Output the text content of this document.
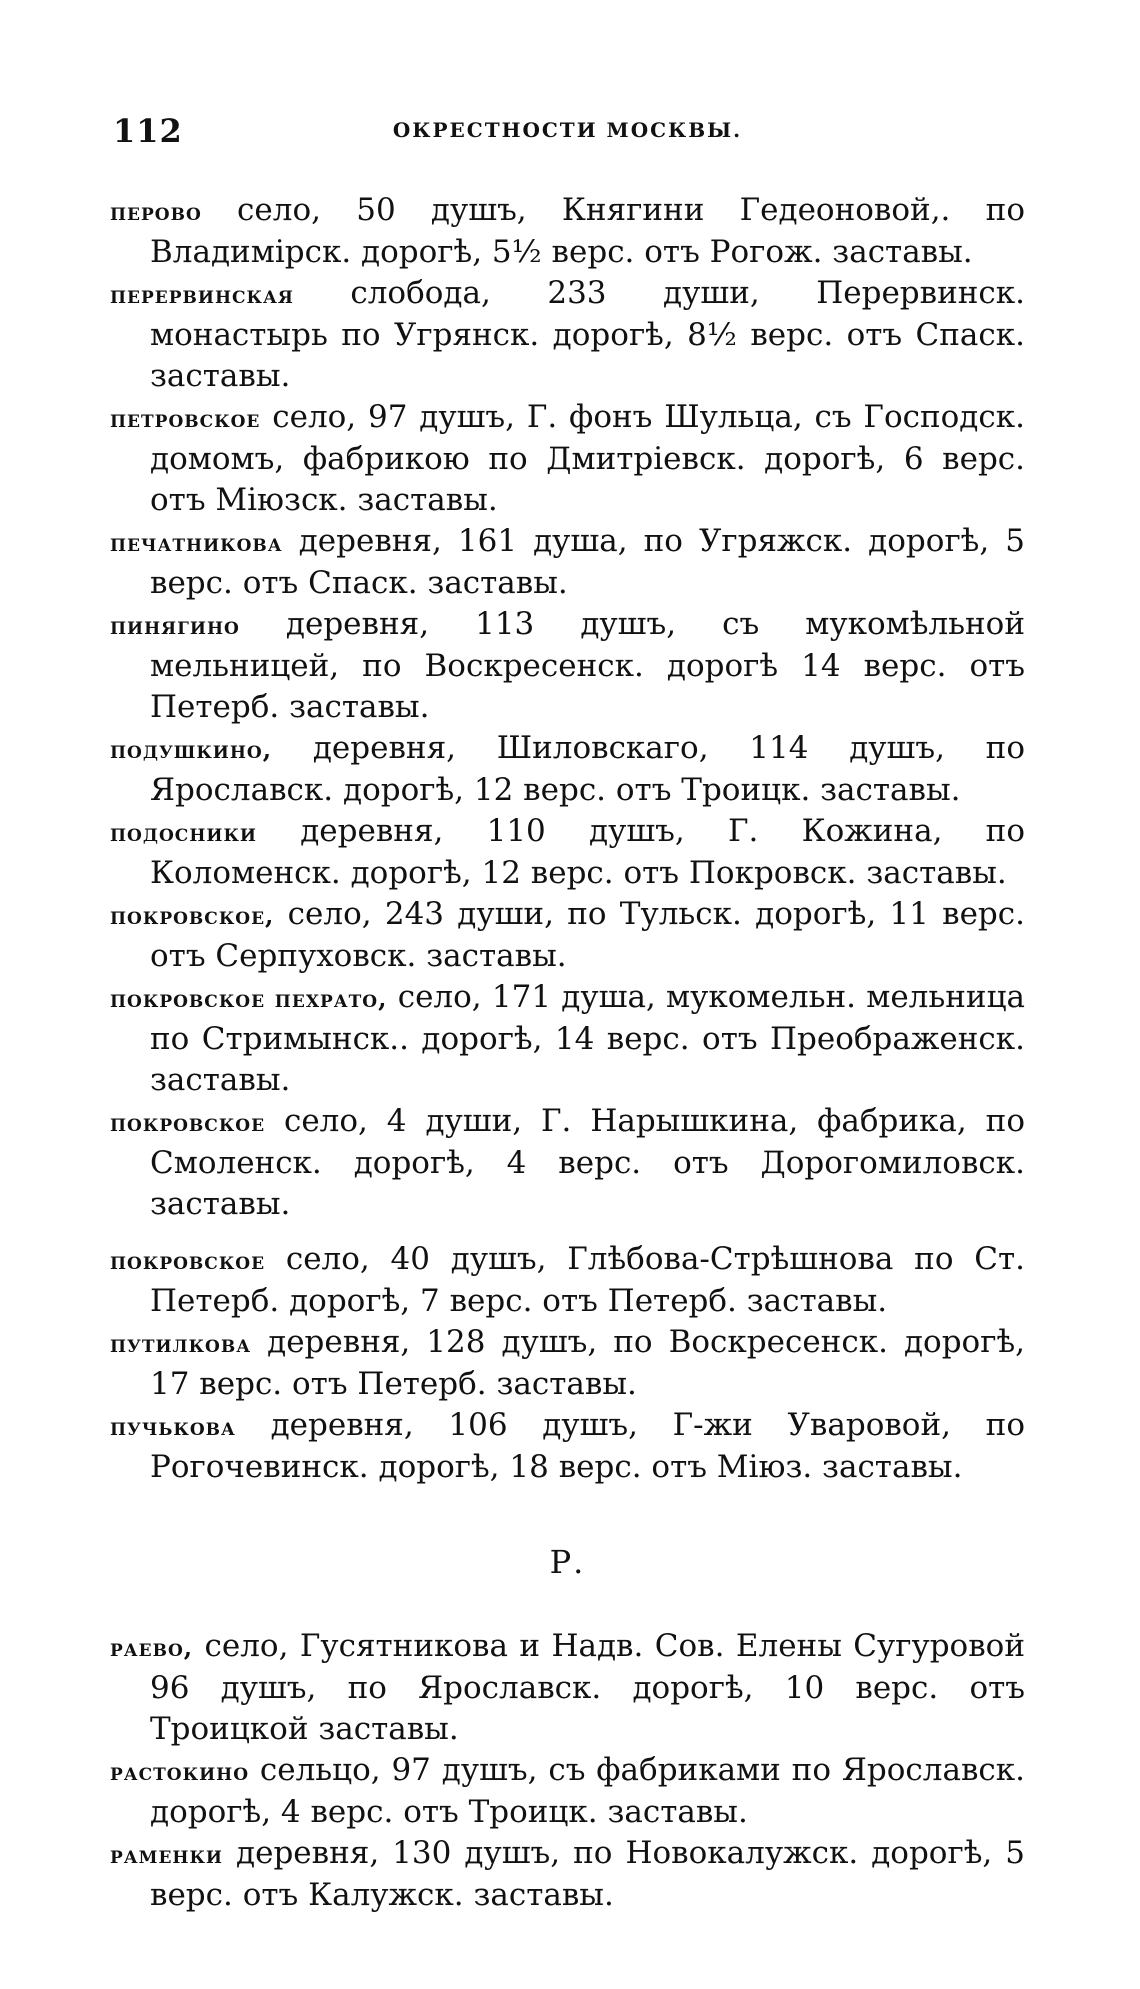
112	ОКРЕСТНОСТИ МОСКВЫ.

перово село, 50 душъ, Княгини Гедеоновой,. по Владимірск. дорогѣ, 5½ верс. отъ Рогож. заставы.

перервинская слобода, 233 души, Перервинск. монастырь по Угрянск. дорогѣ, 8½ верс. отъ Спаск. заставы.

петровское село, 97 душъ, Г. фонъ Шульца, съ Господск. домомъ, фабрикою по Дмитріевск. дорогѣ, 6 верс. отъ Міюзск. заставы.

печатникова деревня, 161 душа, по Угряжск. дорогѣ, 5 верс. отъ Спаск. заставы.

пинягино деревня, 113 душъ, съ мукомѣльной мельницей, по Воскресенск. дорогѣ 14 верс. отъ Петерб. заставы.

подушкино, деревня, Шиловскаго, 114 душъ, по Ярославск. дорогѣ, 12 верс. отъ Троицк. заставы.

подосники деревня, 110 душъ, Г. Кожина, по Коломенск. дорогѣ, 12 верс. отъ Покровск. заставы.

покровское, село, 243 души, по Тульск. дорогѣ, 11 верс. отъ Серпуховск. заставы.

покровское пехрато, село, 171 душа, мукомельн. мельница по Стримынск.. дорогѣ, 14 верс. отъ Преображенск. заставы.

покровское село, 4 души, Г. Нарышкина, фабрика, по Смоленск. дорогѣ, 4 верс. отъ Дорогомиловск. заставы.

покровское село, 40 душъ, Глѣбова-Стрѣшнова по Ст. Петерб. дорогѣ, 7 верс. отъ Петерб. заставы.

путилкова деревня, 128 душъ, по Воскресенск. дорогѣ, 17 верс. отъ Петерб. заставы.

пучькова деревня, 106 душъ, Г-жи Уваровой, по Рогочевинск. дорогѣ, 18 верс. отъ Міюз. заставы.

Р.

раево, село, Гусятникова и Надв. Сов. Елены Сугуровой 96 душъ, по Ярославск. дорогѣ, 10 верс. отъ Троицкой заставы.

растокино сельцо, 97 душъ, съ фабриками по Ярославск. дорогѣ, 4 верс. отъ Троицк. заставы.

раменки деревня, 130 душъ, по Новокалужск. дорогѣ, 5 верс. отъ Калужск. заставы.
